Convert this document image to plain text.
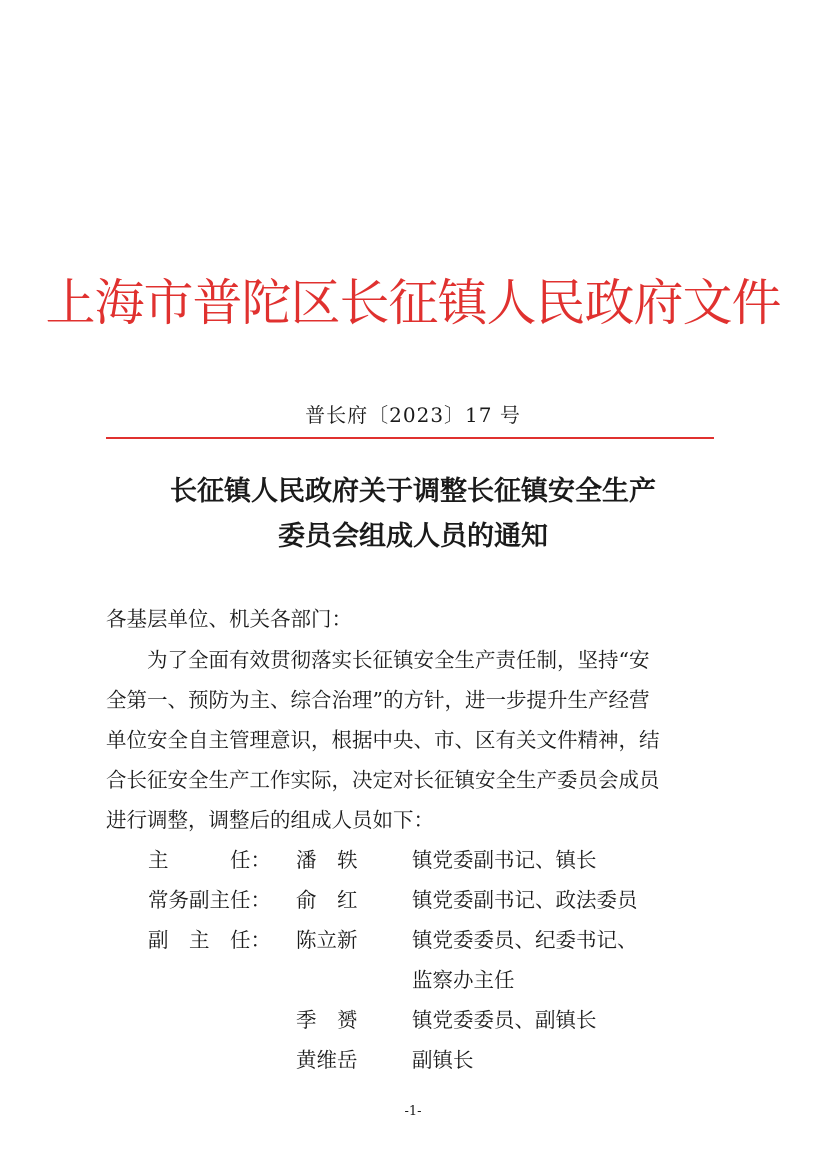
上海市普陀区长征镇人民政府文件
普长府〔2023〕17 号
长征镇人民政府关于调整长征镇安全生产
委员会组成人员的通知
各基层单位、机关各部门：
　　为了全面有效贯彻落实长征镇安全生产责任制，坚持“安
全第一、预防为主、综合治理”的方针，进一步提升生产经营
单位安全自主管理意识，根据中央、市、区有关文件精神，结
合长征安全生产工作实际，决定对长征镇安全生产委员会成员
进行调整，调整后的组成人员如下：
主　　　任： 潘　轶	镇党委副书记、镇长
常务副主任： 俞　红	镇党委副书记、政法委员
副　主　任： 陈立新	镇党委委员、纪委书记、
监察办主任
季　赟	镇党委委员、副镇长
黄维岳	副镇长
-1-
